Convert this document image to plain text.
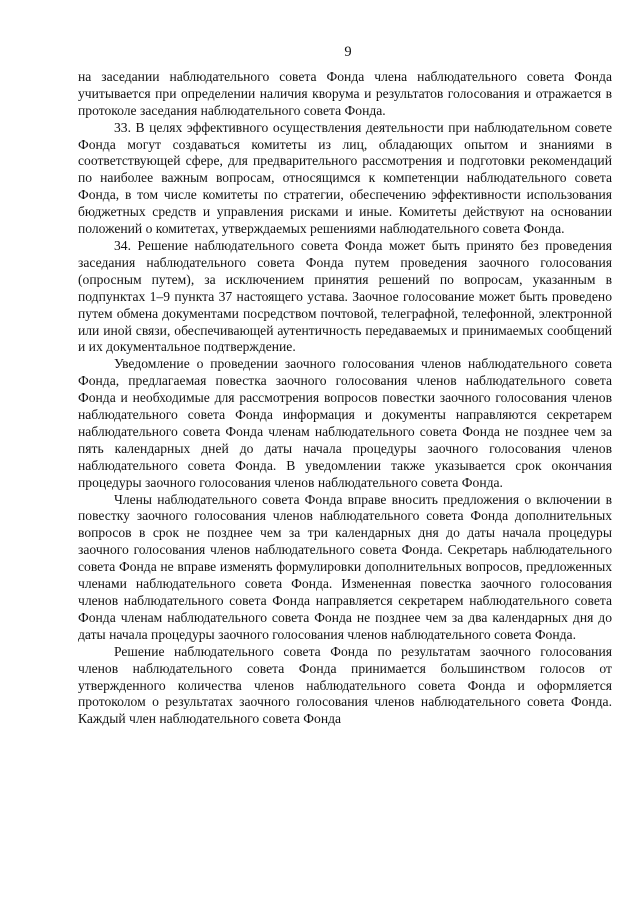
9

на заседании наблюдательного совета Фонда члена наблюдательного совета Фонда учитывается при определении наличия кворума и результатов голосования и отражается в протоколе заседания наблюдательного совета Фонда.

33. В целях эффективного осуществления деятельности при наблюдательном совете Фонда могут создаваться комитеты из лиц, обладающих опытом и знаниями в соответствующей сфере, для предварительного рассмотрения и подготовки рекомендаций по наиболее важным вопросам, относящимся к компетенции наблюдательного совета Фонда, в том числе комитеты по стратегии, обеспечению эффективности использования бюджетных средств и управления рисками и иные. Комитеты действуют на основании положений о комитетах, утверждаемых решениями наблюдательного совета Фонда.

34. Решение наблюдательного совета Фонда может быть принято без проведения заседания наблюдательного совета Фонда путем проведения заочного голосования (опросным путем), за исключением принятия решений по вопросам, указанным в подпунктах 1–9 пункта 37 настоящего устава. Заочное голосование может быть проведено путем обмена документами посредством почтовой, телеграфной, телефонной, электронной или иной связи, обеспечивающей аутентичность передаваемых и принимаемых сообщений и их документальное подтверждение.

Уведомление о проведении заочного голосования членов наблюдательного совета Фонда, предлагаемая повестка заочного голосования членов наблюдательного совета Фонда и необходимые для рассмотрения вопросов повестки заочного голосования членов наблюдательного совета Фонда информация и документы направляются секретарем наблюдательного совета Фонда членам наблюдательного совета Фонда не позднее чем за пять календарных дней до даты начала процедуры заочного голосования членов наблюдательного совета Фонда. В уведомлении также указывается срок окончания процедуры заочного голосования членов наблюдательного совета Фонда.

Члены наблюдательного совета Фонда вправе вносить предложения о включении в повестку заочного голосования членов наблюдательного совета Фонда дополнительных вопросов в срок не позднее чем за три календарных дня до даты начала процедуры заочного голосования членов наблюдательного совета Фонда. Секретарь наблюдательного совета Фонда не вправе изменять формулировки дополнительных вопросов, предложенных членами наблюдательного совета Фонда. Измененная повестка заочного голосования членов наблюдательного совета Фонда направляется секретарем наблюдательного совета Фонда членам наблюдательного совета Фонда не позднее чем за два календарных дня до даты начала процедуры заочного голосования членов наблюдательного совета Фонда.

Решение наблюдательного совета Фонда по результатам заочного голосования членов наблюдательного совета Фонда принимается большинством голосов от утвержденного количества членов наблюдательного совета Фонда и оформляется протоколом о результатах заочного голосования членов наблюдательного совета Фонда. Каждый член наблюдательного совета Фонда
